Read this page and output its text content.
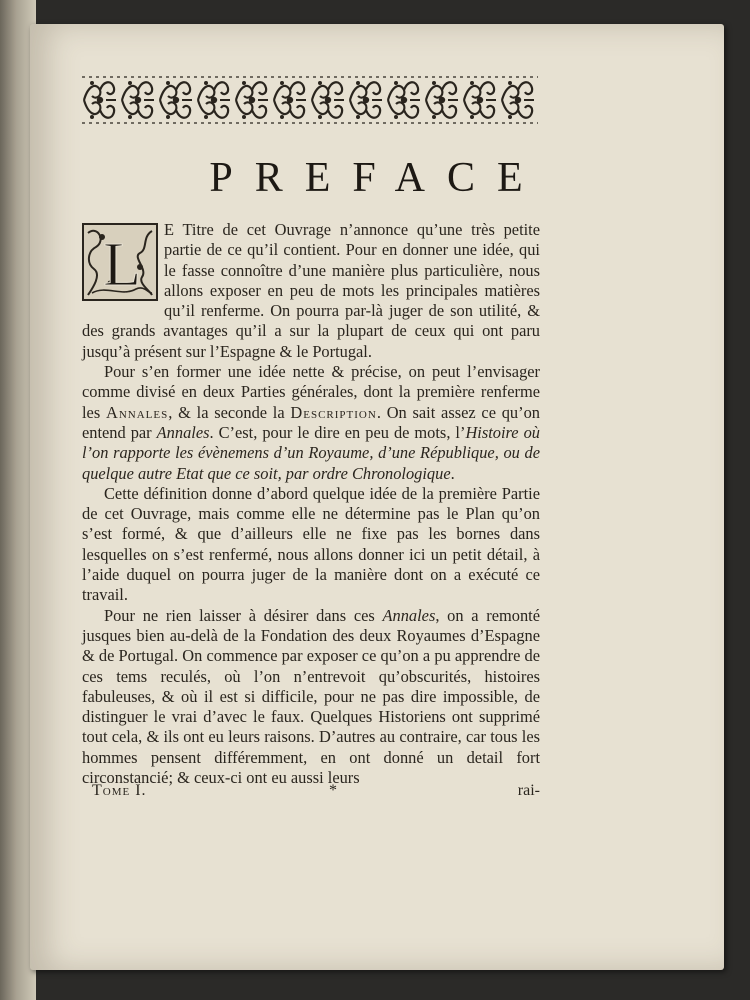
PREFACE
L

E Titre de cet Ouvrage n’annonce qu’une très petite partie de ce qu’il contient. Pour en donner une idée, qui le fasse connoître d’une manière plus particulière, nous allons exposer en peu de mots les principales matières qu’il renferme. On pourra par-là juger de son utilité, & des grands avantages qu’il a sur la plupart de ceux qui ont paru jusqu’à présent sur l’Espagne & le Portugal.

Pour s’en former une idée nette & précise, on peut l’envisager comme divisé en deux Parties générales, dont la première renferme les Annales, & la seconde la Description. On sait assez ce qu’on entend par Annales. C’est, pour le dire en peu de mots, l’Histoire où l’on rapporte les évènemens d’un Royaume, d’une République, ou de quelque autre Etat que ce soit, par ordre Chronologique.

Cette définition donne d’abord quelque idée de la première Partie de cet Ouvrage, mais comme elle ne détermine pas le Plan qu’on s’est formé, & que d’ailleurs elle ne fixe pas les bornes dans lesquelles on s’est renfermé, nous allons donner ici un petit détail, à l’aide duquel on pourra juger de la manière dont on a exécuté ce travail.

Pour ne rien laisser à désirer dans ces Annales, on a remonté jusques bien au-delà de la Fondation des deux Royaumes d’Espagne & de Portugal. On commence par exposer ce qu’on a pu apprendre de ces tems reculés, où l’on n’entrevoit qu’obscurités, histoires fabuleuses, & où il est si difficile, pour ne pas dire impossible, de distinguer le vrai d’avec le faux. Quelques Historiens ont supprimé tout cela, & ils ont eu leurs raisons. D’autres au contraire, car tous les hommes pensent différemment, en ont donné un detail fort circonstancié; & ceux-ci ont eu aussi leurs

Tome I.	*	rai-
